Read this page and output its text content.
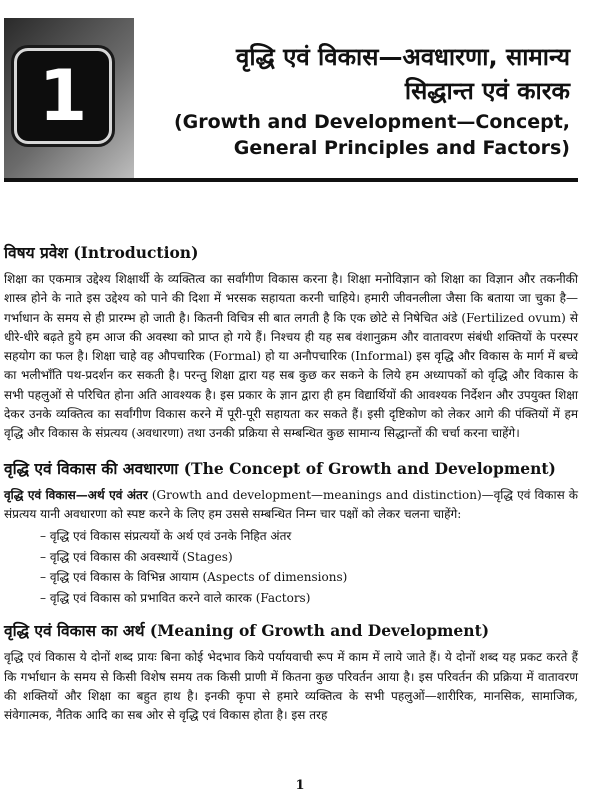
1	वृद्धि एवं विकास—अवधारणा, सामान्य
सिद्धान्त एवं कारक
(Growth and Development—Concept,
General Principles and Factors)
विषय प्रवेश (Introduction)

शिक्षा का एकमात्र उद्देश्य शिक्षार्थी के व्यक्तित्व का सर्वांगीण विकास करना है। शिक्षा मनोविज्ञान को शिक्षा का विज्ञान और तकनीकी शास्त्र होने के नाते इस उद्देश्य को पाने की दिशा में भरसक सहायता करनी चाहिये। हमारी जीवनलीला जैसा कि बताया जा चुका है—गर्भाधान के समय से ही प्रारम्भ हो जाती है। कितनी विचित्र सी बात लगती है कि एक छोटे से निषेचित अंडे (Fertilized ovum) से धीरे-धीरे बढ़ते हुये हम आज की अवस्था को प्राप्त हो गये हैं। निश्चय ही यह सब वंशानुक्रम और वातावरण संबंधी शक्तियों के परस्पर सहयोग का फल है। शिक्षा चाहे वह औपचारिक (Formal) हो या अनौपचारिक (Informal) इस वृद्धि और विकास के मार्ग में बच्चे का भलीभाँति पथ-प्रदर्शन कर सकती है। परन्तु शिक्षा द्वारा यह सब कुछ कर सकने के लिये हम अध्यापकों को वृद्धि और विकास के सभी पहलुओं से परिचित होना अति आवश्यक है। इस प्रकार के ज्ञान द्वारा ही हम विद्यार्थियों की आवश्यक निर्देशन और उपयुक्त शिक्षा देकर उनके व्यक्तित्व का सर्वांगीण विकास करने में पूरी-पूरी सहायता कर सकते हैं। इसी दृष्टिकोण को लेकर आगे की पंक्तियों में हम वृद्धि और विकास के संप्रत्यय (अवधारणा) तथा उनकी प्रक्रिया से सम्बन्धित कुछ सामान्य सिद्धान्तों की चर्चा करना चाहेंगे।

वृद्धि एवं विकास की अवधारणा (The Concept of Growth and Development)

वृद्धि एवं विकास—अर्थ एवं अंतर (Growth and development—meanings and distinction)—वृद्धि एवं विकास के संप्रत्यय यानी अवधारणा को स्पष्ट करने के लिए हम उससे सम्बन्धित निम्न चार पक्षों को लेकर चलना चाहेंगे:

– वृद्धि एवं विकास संप्रत्ययों के अर्थ एवं उनके निहित अंतर
– वृद्धि एवं विकास की अवस्थायें (Stages)
– वृद्धि एवं विकास के विभिन्न आयाम (Aspects of dimensions)
– वृद्धि एवं विकास को प्रभावित करने वाले कारक (Factors)
वृद्धि एवं विकास का अर्थ (Meaning of Growth and Development)

वृद्धि एवं विकास ये दोनों शब्द प्रायः बिना कोई भेदभाव किये पर्यायवाची रूप में काम में लाये जाते हैं। ये दोनों शब्द यह प्रकट करते हैं कि गर्भाधान के समय से किसी विशेष समय तक किसी प्राणी में कितना कुछ परिवर्तन आया है। इस परिवर्तन की प्रक्रिया में वातावरण की शक्तियों और शिक्षा का बहुत हाथ है। इनकी कृपा से हमारे व्यक्तित्व के सभी पहलुओं—शारीरिक, मानसिक, सामाजिक, संवेगात्मक, नैतिक आदि का सब ओर से वृद्धि एवं विकास होता है। इस तरह

1
